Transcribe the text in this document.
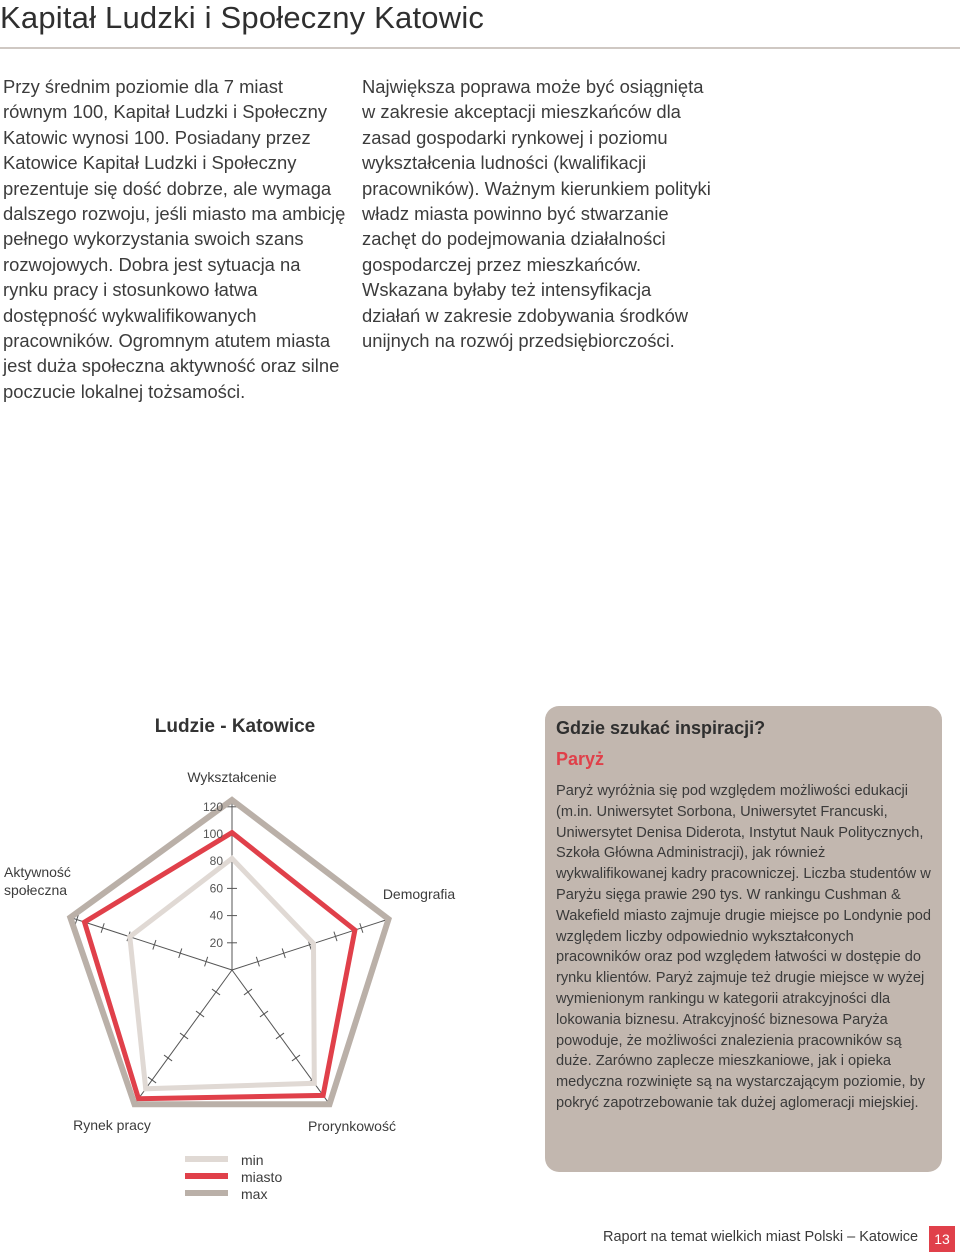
Kapitał Ludzki i Społeczny Katowic

Przy średnim poziomie dla 7 miast równym 100, Kapitał Ludzki i Społeczny Katowic wynosi 100. Posiadany przez Katowice Kapitał Ludzki i Społeczny prezentuje się dość dobrze, ale wymaga dalszego rozwoju, jeśli miasto ma ambicję pełnego wykorzystania swoich szans rozwojowych. Dobra jest sytuacja na rynku pracy i stosunkowo łatwa dostępność wykwalifikowanych pracowników. Ogromnym atutem miasta jest duża społeczna aktywność oraz silne poczucie lokalnej tożsamości.

Największa poprawa może być osiągnięta w zakresie akceptacji mieszkańców dla zasad gospodarki rynkowej i poziomu wykształcenia ludności (kwalifikacji pracowników). Ważnym kierunkiem polityki władz miasta powinno być stwarzanie zachęt do podejmowania działalności gospodarczej przez mieszkańców. Wskazana byłaby też intensyfikacja działań w zakresie zdobywania środków unijnych na rozwój przedsiębiorczości.

Ludzie - Katowice
20
40
60
80
100
120
Wykształcenie
Demografia
Prorynkowość
Rynek pracy
Aktywność społeczna
min
miasto
max
Gdzie szukać inspiracji?
Paryż

Paryż wyróżnia się pod względem możliwości edukacji (m.in. Uniwersytet Sorbona, Uniwersytet Francuski, Uniwersytet Denisa Diderota, Instytut Nauk Politycznych, Szkoła Główna Administracji), jak również wykwalifikowanej kadry pracowniczej. Liczba studentów w Paryżu sięga prawie 290 tys. W rankingu Cushman & Wakefield miasto zajmuje drugie miejsce po Londynie pod względem liczby odpowiednio wykształconych pracowników oraz pod względem łatwości w dostępie do rynku klientów. Paryż zajmuje też drugie miejsce w wyżej wymienionym rankingu w kategorii atrakcyjności dla lokowania biznesu. Atrakcyjność biznesowa Paryża powoduje, że możliwości znalezienia pracowników są duże. Zarówno zaplecze mieszkaniowe, jak i opieka medyczna rozwinięte są na wystarczającym poziomie, by pokryć zapotrzebowanie tak dużej aglomeracji miejskiej.

Raport na temat wielkich miast Polski – Katowice	13
